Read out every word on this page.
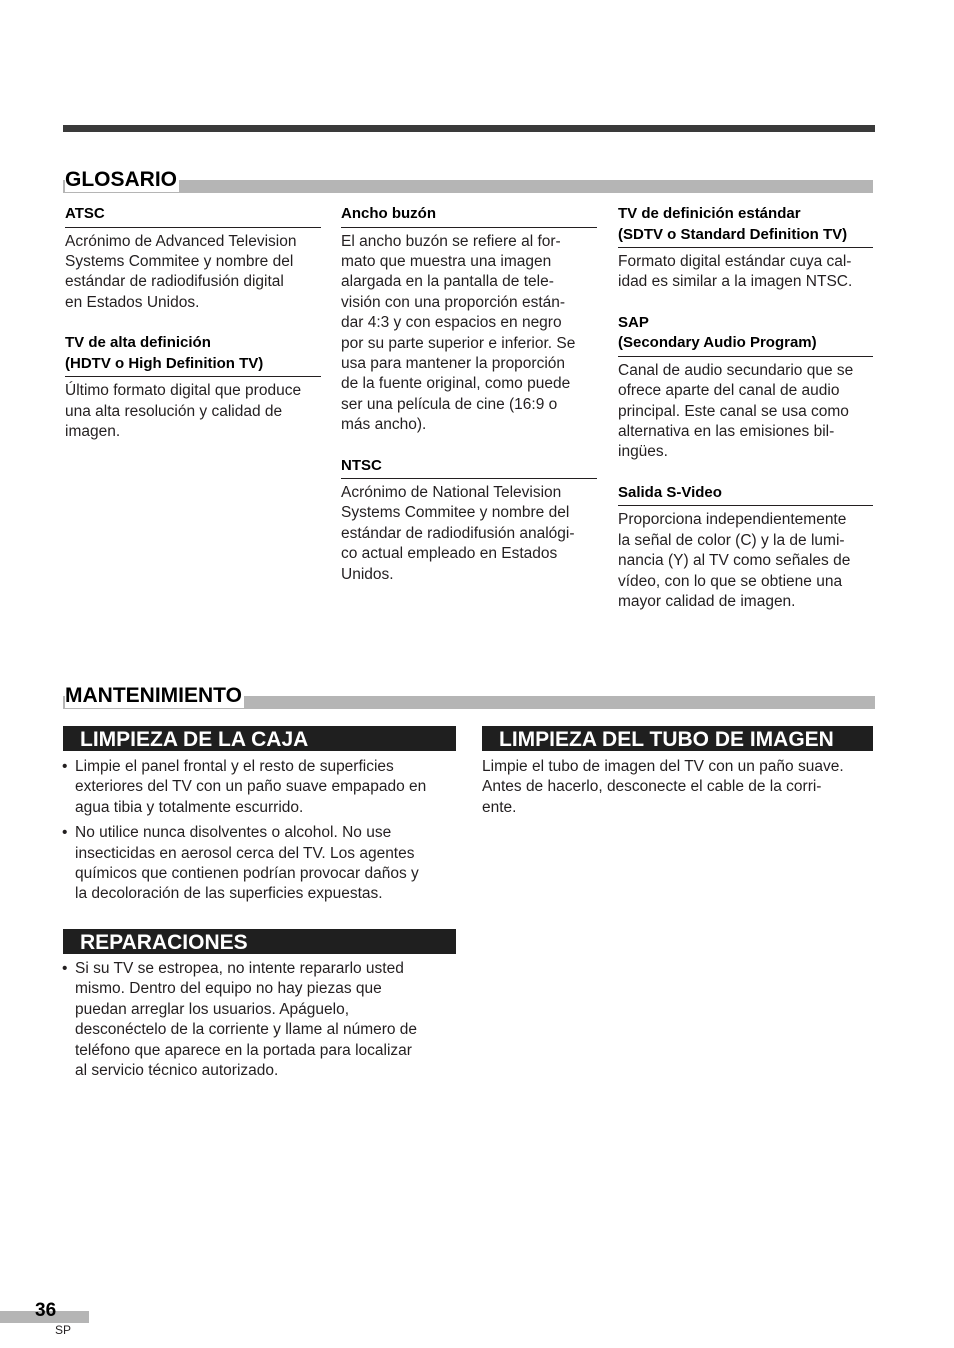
GLOSARIO
ATSC

Acrónimo de Advanced Television
Systems Commitee y nombre del
estándar de radiodifusión digital
en Estados Unidos.

TV de alta definición
(HDTV o High Definition TV)

Último formato digital que produce
una alta resolución y calidad de
imagen.

Ancho buzón

El ancho buzón se refiere al for-
mato que muestra una imagen
alargada en la pantalla de tele-
visión con una proporción están-
dar 4:3 y con espacios en negro
por su parte superior e inferior. Se
usa para mantener la proporción
de la fuente original, como puede
ser una película de cine (16:9 o
más ancho).

NTSC

Acrónimo de National Television
Systems Commitee y nombre del
estándar de radiodifusión analógi-
co actual empleado en Estados
Unidos.

TV de definición estándar
(SDTV o Standard Definition TV)

Formato digital estándar cuya cal-
idad es similar a la imagen NTSC.

SAP
(Secondary Audio Program)

Canal de audio secundario que se
ofrece aparte del canal de audio
principal. Este canal se usa como
alternativa en las emisiones bil-
ingües.

Salida S-Video

Proporciona independientemente
la señal de color (C) y la de lumi-
nancia (Y) al TV como señales de
vídeo, con lo que se obtiene una
mayor calidad de imagen.

MANTENIMIENTO
LIMPIEZA DE LA CAJA
• Limpie el panel frontal y el resto de superficies
exteriores del TV con un paño suave empapado en
agua tibia y totalmente escurrido.
• No utilice nunca disolventes o alcohol. No use
insecticidas en aerosol cerca del TV. Los agentes
químicos que contienen podrían provocar daños y
la decoloración de las superficies expuestas.
REPARACIONES
• Si su TV se estropea, no intente repararlo usted
mismo. Dentro del equipo no hay piezas que
puedan arreglar los usuarios. Apáguelo,
desconéctelo de la corriente y llame al número de
teléfono que aparece en la portada para localizar
al servicio técnico autorizado.
LIMPIEZA DEL TUBO DE IMAGEN
Limpie el tubo de imagen del TV con un paño suave.
Antes de hacerlo, desconecte el cable de la corri-
ente.
36
SP
